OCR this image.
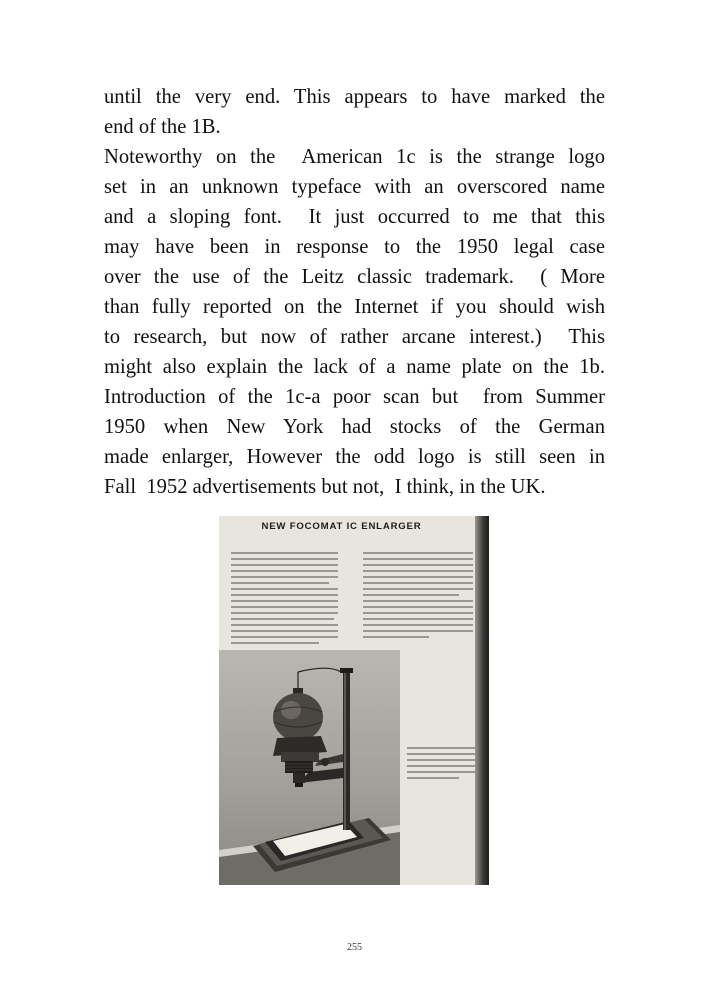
until the very end. This appears to have marked the
end of the 1B.

Noteworthy on the  American 1c is the strange logo
set in an unknown typeface with an overscored name
and a sloping font.  It just occurred to me that this
may have been in response to the 1950 legal case
over the use of the Leitz classic trademark.  ( More
than fully reported on the Internet if you should wish
to research, but now of rather arcane interest.)  This
might also explain the lack of a name plate on the 1b.
Introduction of the 1c-a poor scan but  from Summer
1950 when New York had stocks of the German
made enlarger, However the odd logo is still seen in
Fall  1952 advertisements but not,  I think, in the UK.

NEW FOCOMAT IC ENLARGER
255
